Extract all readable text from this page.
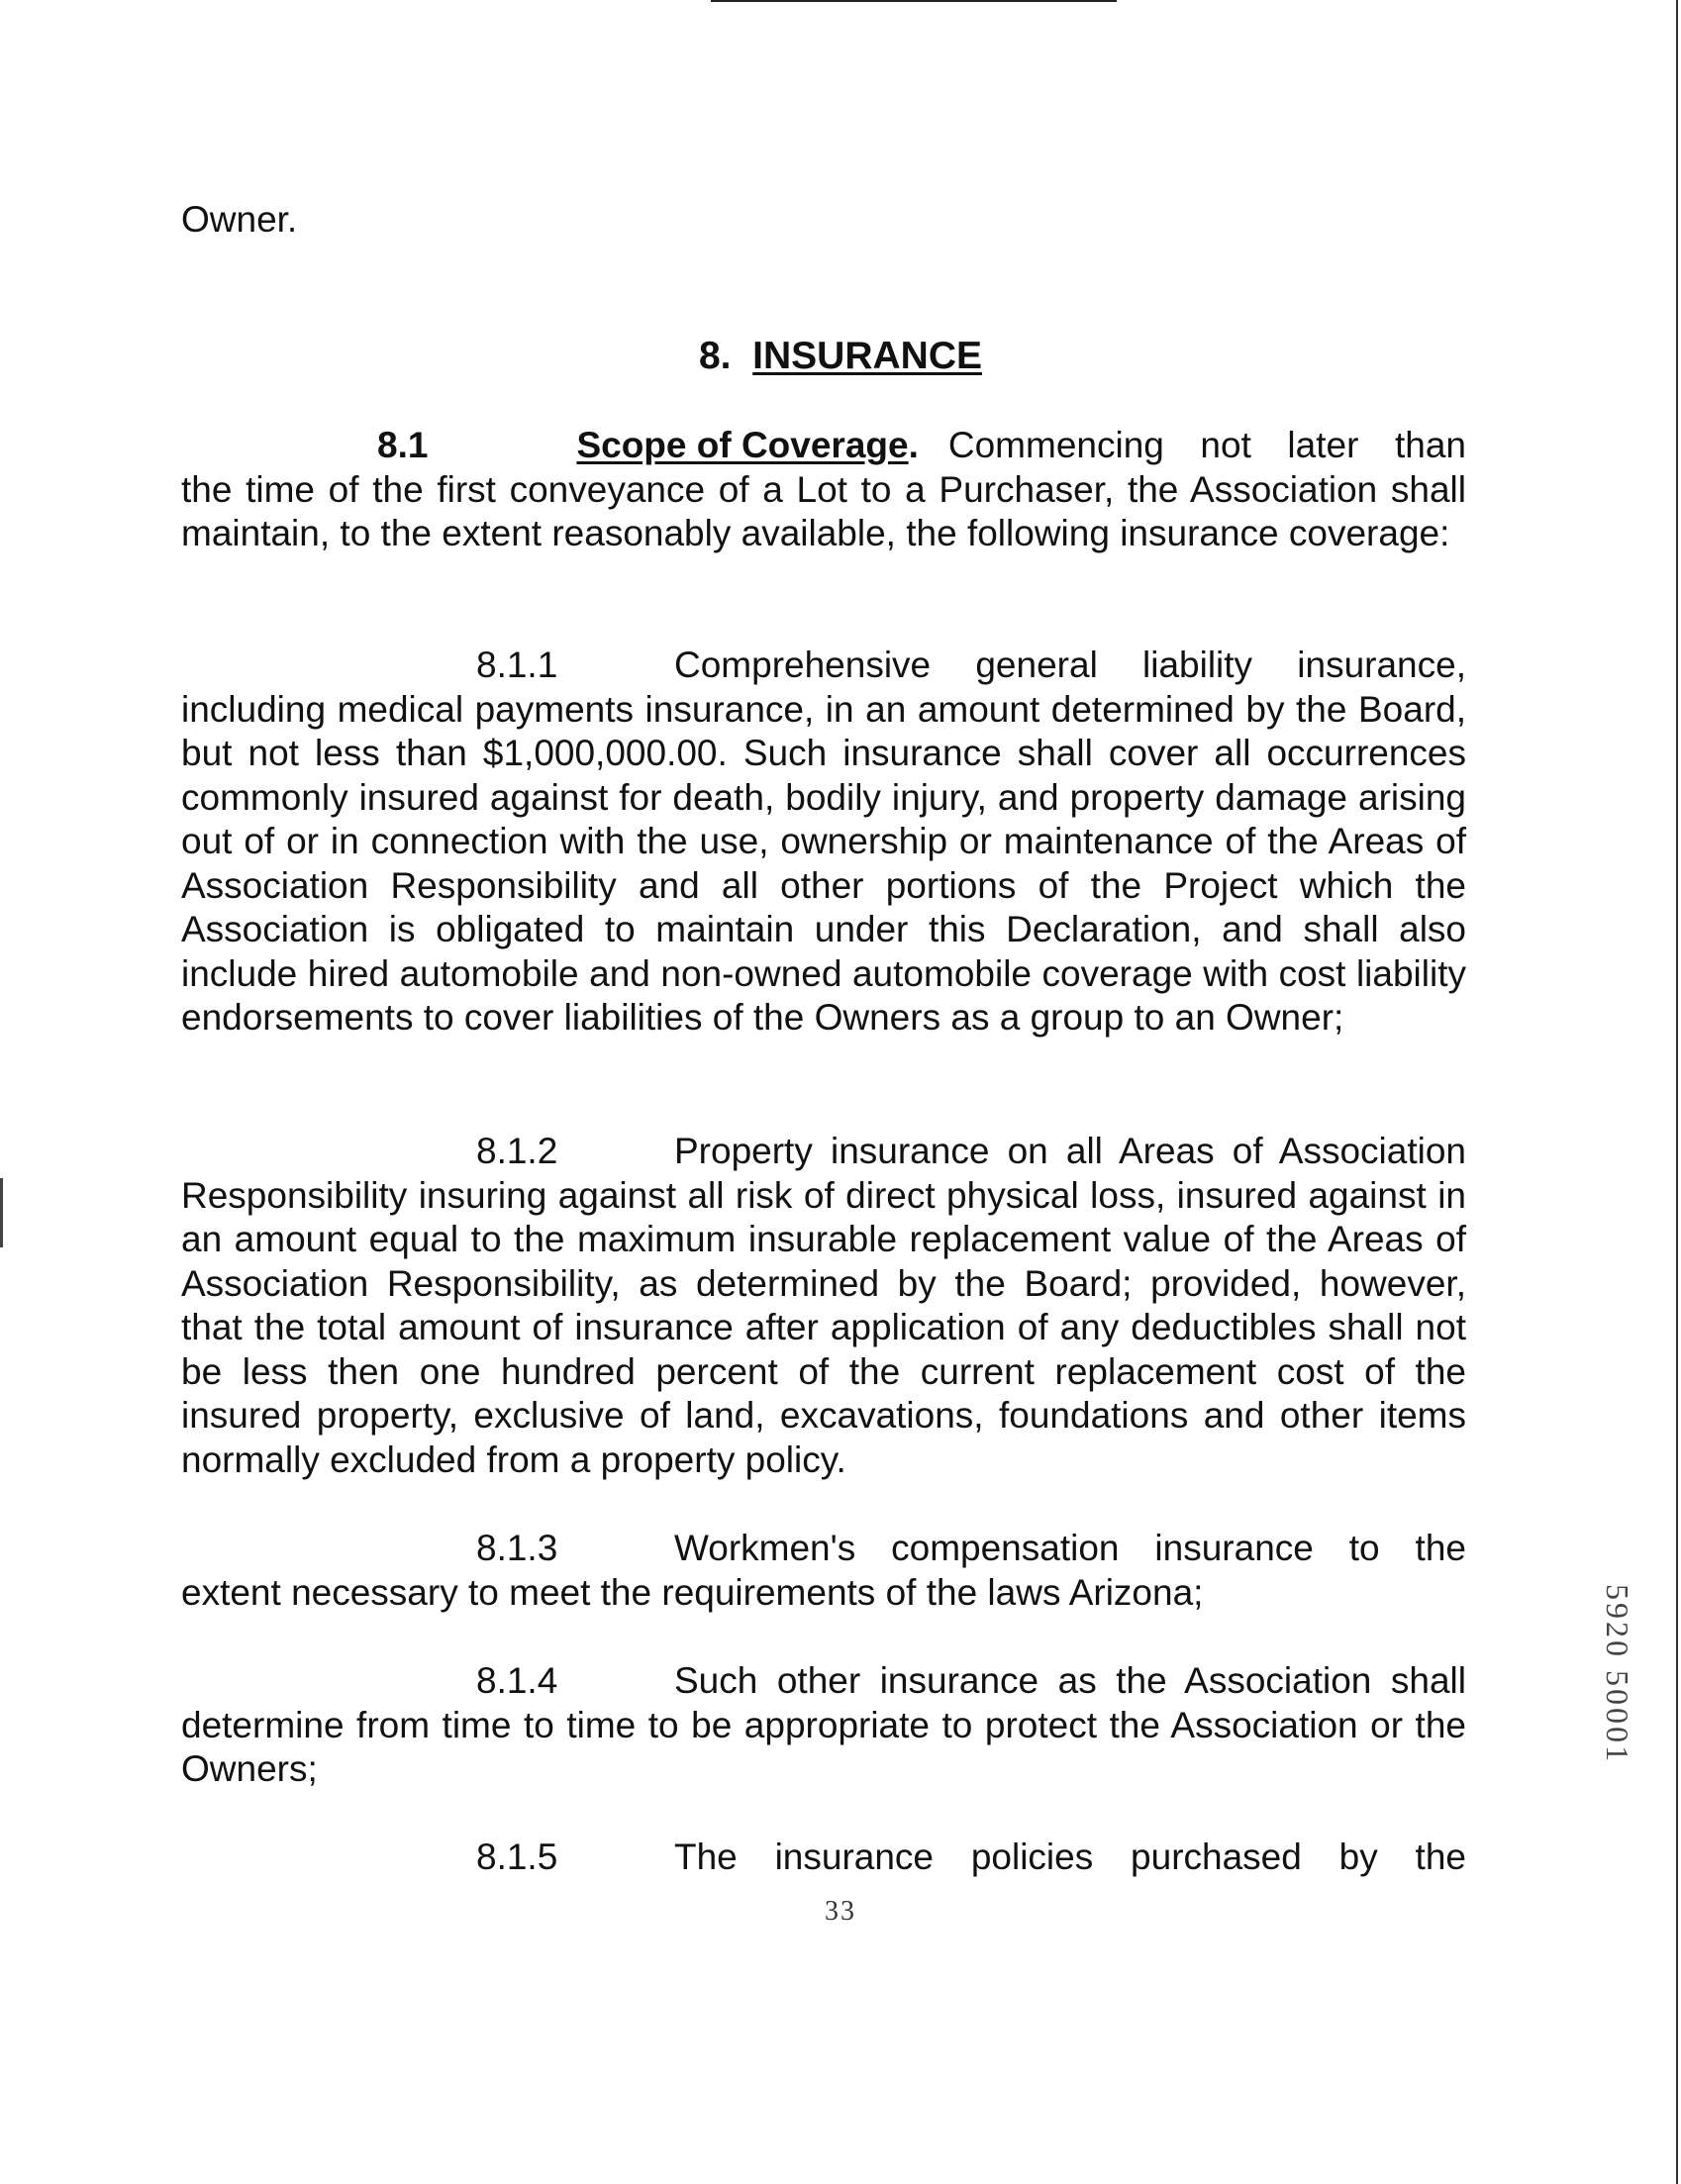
Owner.
8. INSURANCE
8.1	Scope of Coverage. Commencing not later than
the time of the first conveyance of a Lot to a Purchaser, the Association shall maintain, to the extent reasonably available, the following insurance coverage:
8.1.1	Comprehensive general liability insurance,
including medical payments insurance, in an amount determined by the Board, but not less than $1,000,000.00. Such insurance shall cover all occurrences commonly insured against for death, bodily injury, and property damage arising out of or in connection with the use, ownership or maintenance of the Areas of Association Responsibility and all other portions of the Project which the Association is obligated to maintain under this Declaration, and shall also include hired automobile and non-owned automobile coverage with cost liability endorsements to cover liabilities of the Owners as a group to an Owner;
8.1.2	Property insurance on all Areas of Association
Responsibility insuring against all risk of direct physical loss, insured against in an amount equal to the maximum insurable replacement value of the Areas of Association Responsibility, as determined by the Board; provided, however, that the total amount of insurance after application of any deductibles shall not be less then one hundred percent of the current replacement cost of the insured property, exclusive of land, excavations, foundations and other items normally excluded from a property policy.
8.1.3	Workmen's compensation insurance to the
extent necessary to meet the requirements of the laws Arizona;
8.1.4	Such other insurance as the Association shall
determine from time to time to be appropriate to protect the Association or the Owners;
8.1.5	The insurance policies purchased by the
33
5920 50001
